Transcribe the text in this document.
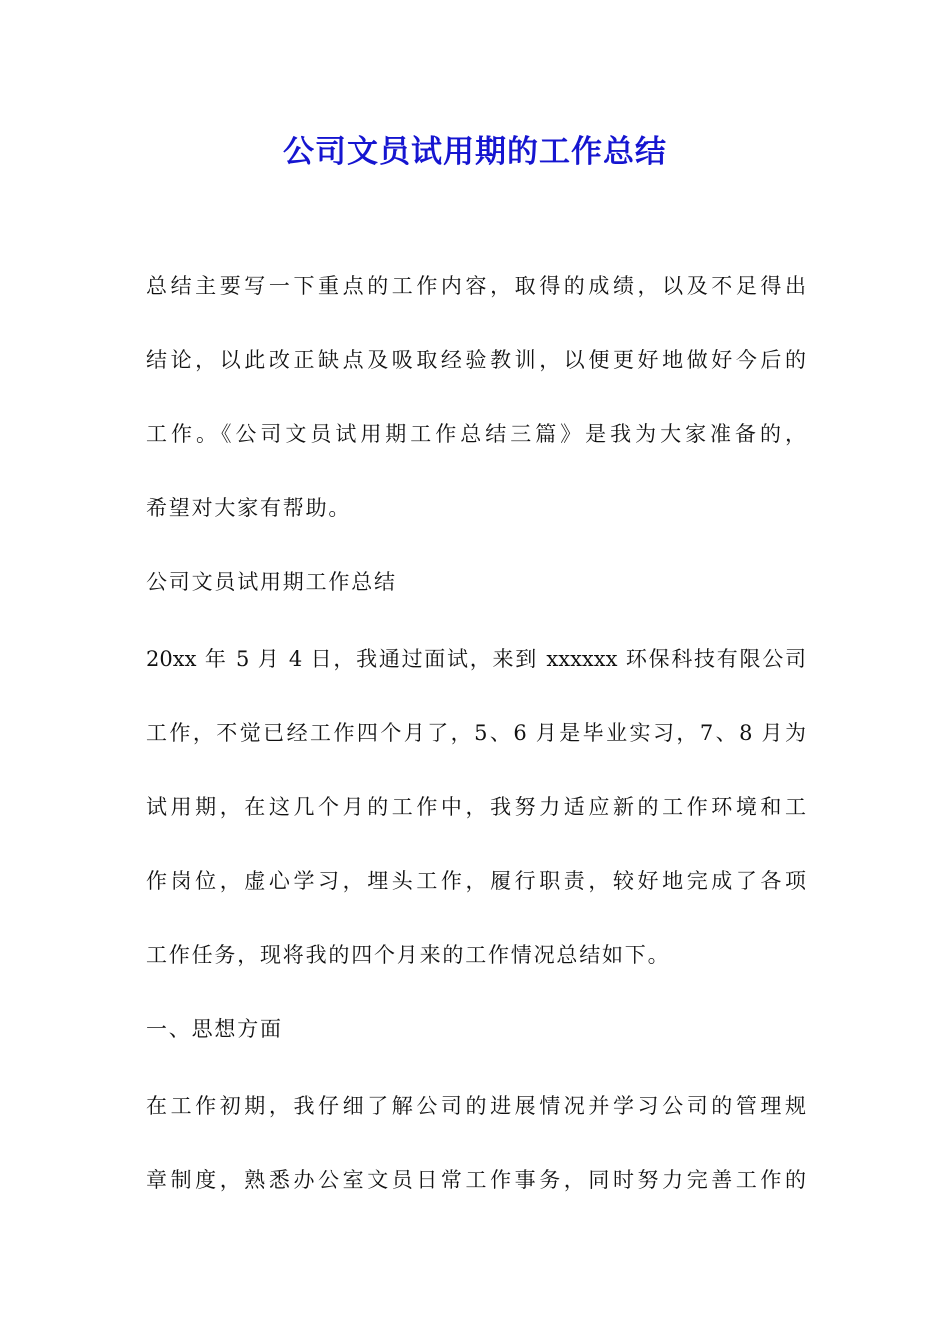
公司文员试用期的工作总结
总结主要写一下重点的工作内容，取得的成绩，以及不足得出
结论，以此改正缺点及吸取经验教训，以便更好地做好今后的
工作。《公司文员试用期工作总结三篇》是我为大家准备的，
希望对大家有帮助。
公司文员试用期工作总结
20xx 年 5 月 4 日，我通过面试，来到 xxxxxx 环保科技有限公司
工作，不觉已经工作四个月了，5、6 月是毕业实习，7、8 月为
试用期，在这几个月的工作中，我努力适应新的工作环境和工
作岗位，虚心学习，埋头工作，履行职责，较好地完成了各项
工作任务，现将我的四个月来的工作情况总结如下。
一、思想方面
在工作初期，我仔细了解公司的进展情况并学习公司的管理规
章制度，熟悉办公室文员日常工作事务，同时努力完善工作的
